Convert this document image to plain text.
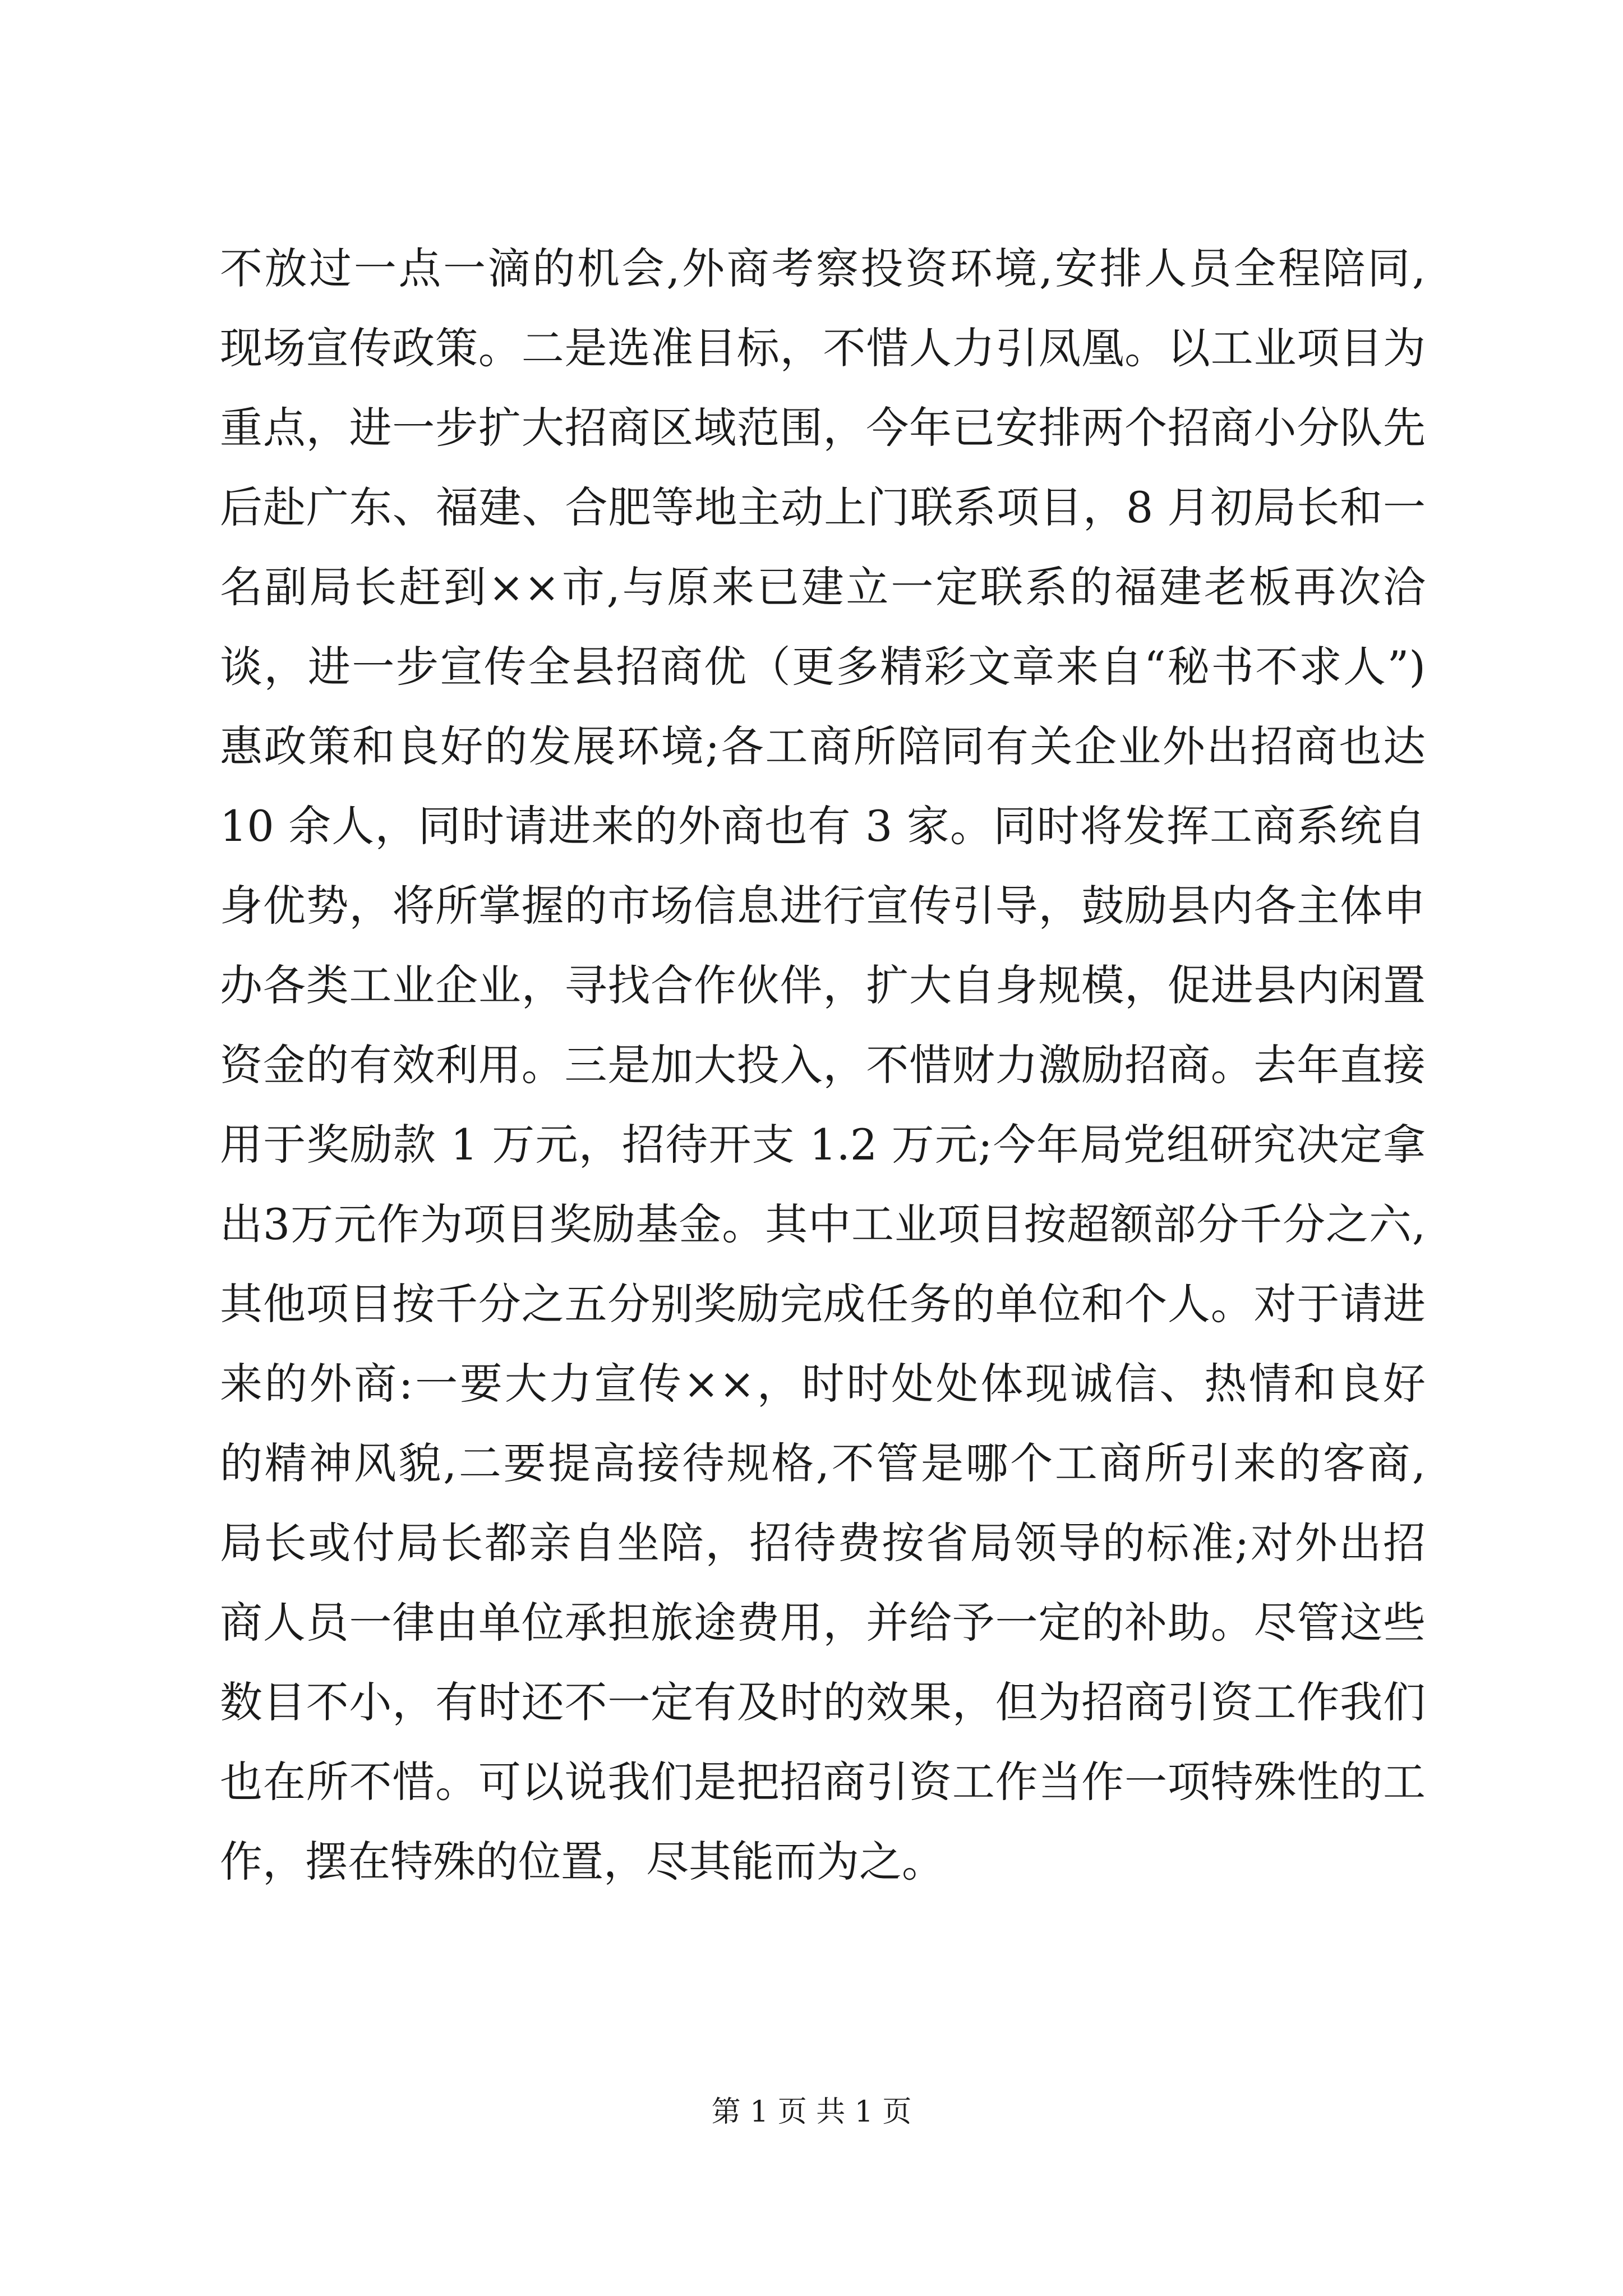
不放过一点一滴的机会,外商考察投资环境,安排人员全程陪同,
现场宣传政策。二是选准目标，不惜人力引凤凰。以工业项目为
重点，进一步扩大招商区域范围，今年已安排两个招商小分队先
后赴广东、福建、合肥等地主动上门联系项目，8 月初局长和一
名副局长赶到××市,与原来已建立一定联系的福建老板再次洽
谈，进一步宣传全县招商优（更多精彩文章来自“秘书不求人”)
惠政策和良好的发展环境;各工商所陪同有关企业外出招商也达
10 余人，同时请进来的外商也有 3 家。同时将发挥工商系统自
身优势，将所掌握的市场信息进行宣传引导，鼓励县内各主体申
办各类工业企业，寻找合作伙伴，扩大自身规模，促进县内闲置
资金的有效利用。三是加大投入，不惜财力激励招商。去年直接
用于奖励款 1 万元，招待开支 1.2 万元;今年局党组研究决定拿
出3万元作为项目奖励基金。其中工业项目按超额部分千分之六,
其他项目按千分之五分别奖励完成任务的单位和个人。对于请进
来的外商:一要大力宣传××，时时处处体现诚信、热情和良好
的精神风貌,二要提高接待规格,不管是哪个工商所引来的客商,
局长或付局长都亲自坐陪，招待费按省局领导的标准;对外出招
商人员一律由单位承担旅途费用，并给予一定的补助。尽管这些
数目不小，有时还不一定有及时的效果，但为招商引资工作我们
也在所不惜。可以说我们是把招商引资工作当作一项特殊性的工
作，摆在特殊的位置，尽其能而为之。
第 1 页 共 1 页
